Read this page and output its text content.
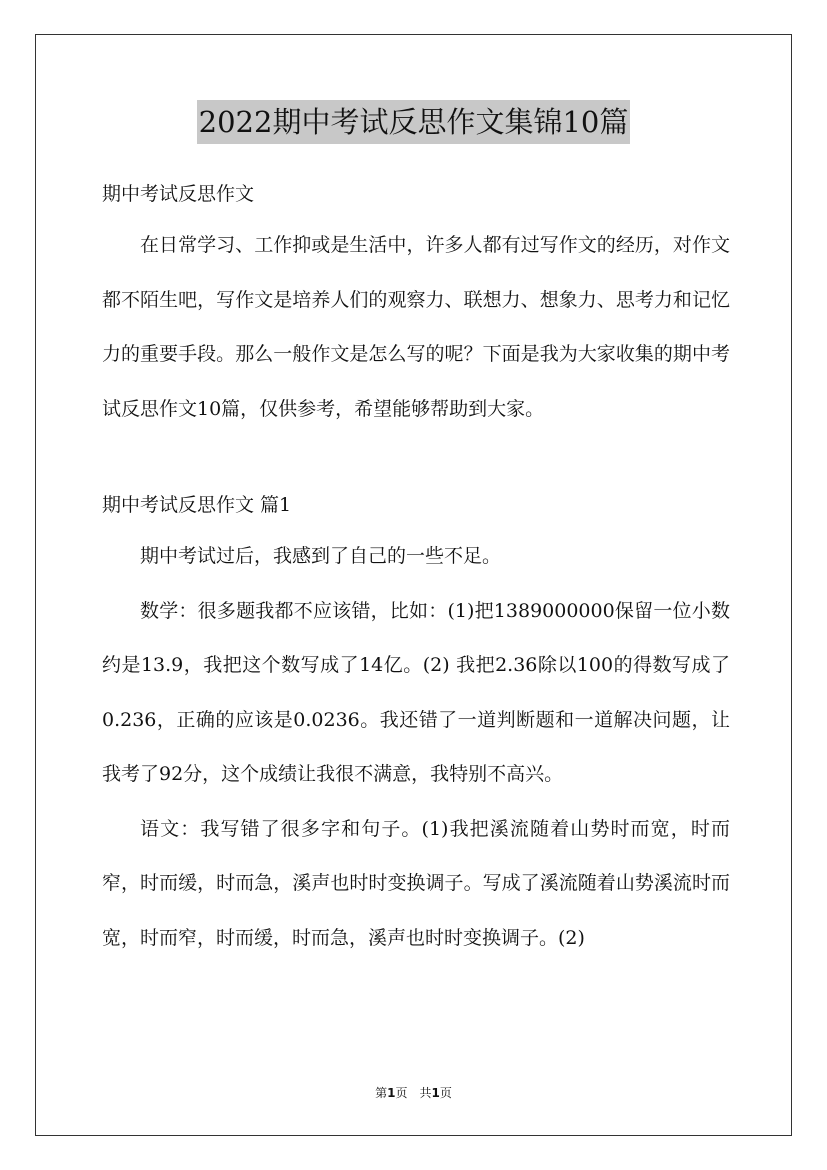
2022期中考试反思作文集锦10篇

期中考试反思作文

在日常学习、工作抑或是生活中，许多人都有过写作文的经历，对作文都不陌生吧，写作文是培养人们的观察力、联想力、想象力、思考力和记忆力的重要手段。那么一般作文是怎么写的呢？下面是我为大家收集的期中考试反思作文10篇，仅供参考，希望能够帮助到大家。

期中考试反思作文 篇1

期中考试过后，我感到了自己的一些不足。

数学：很多题我都不应该错，比如：(1)把1389000000保留一位小数约是13.9，我把这个数写成了14亿。(2) 我把2.36除以100的得数写成了0.236，正确的应该是0.0236。我还错了一道判断题和一道解决问题，让我考了92分，这个成绩让我很不满意，我特别不高兴。

语文：我写错了很多字和句子。(1)我把溪流随着山势时而宽，时而窄，时而缓，时而急，溪声也时时变换调子。写成了溪流随着山势溪流时而宽，时而窄，时而缓，时而急，溪声也时时变换调子。(2)

第1页　共1页
